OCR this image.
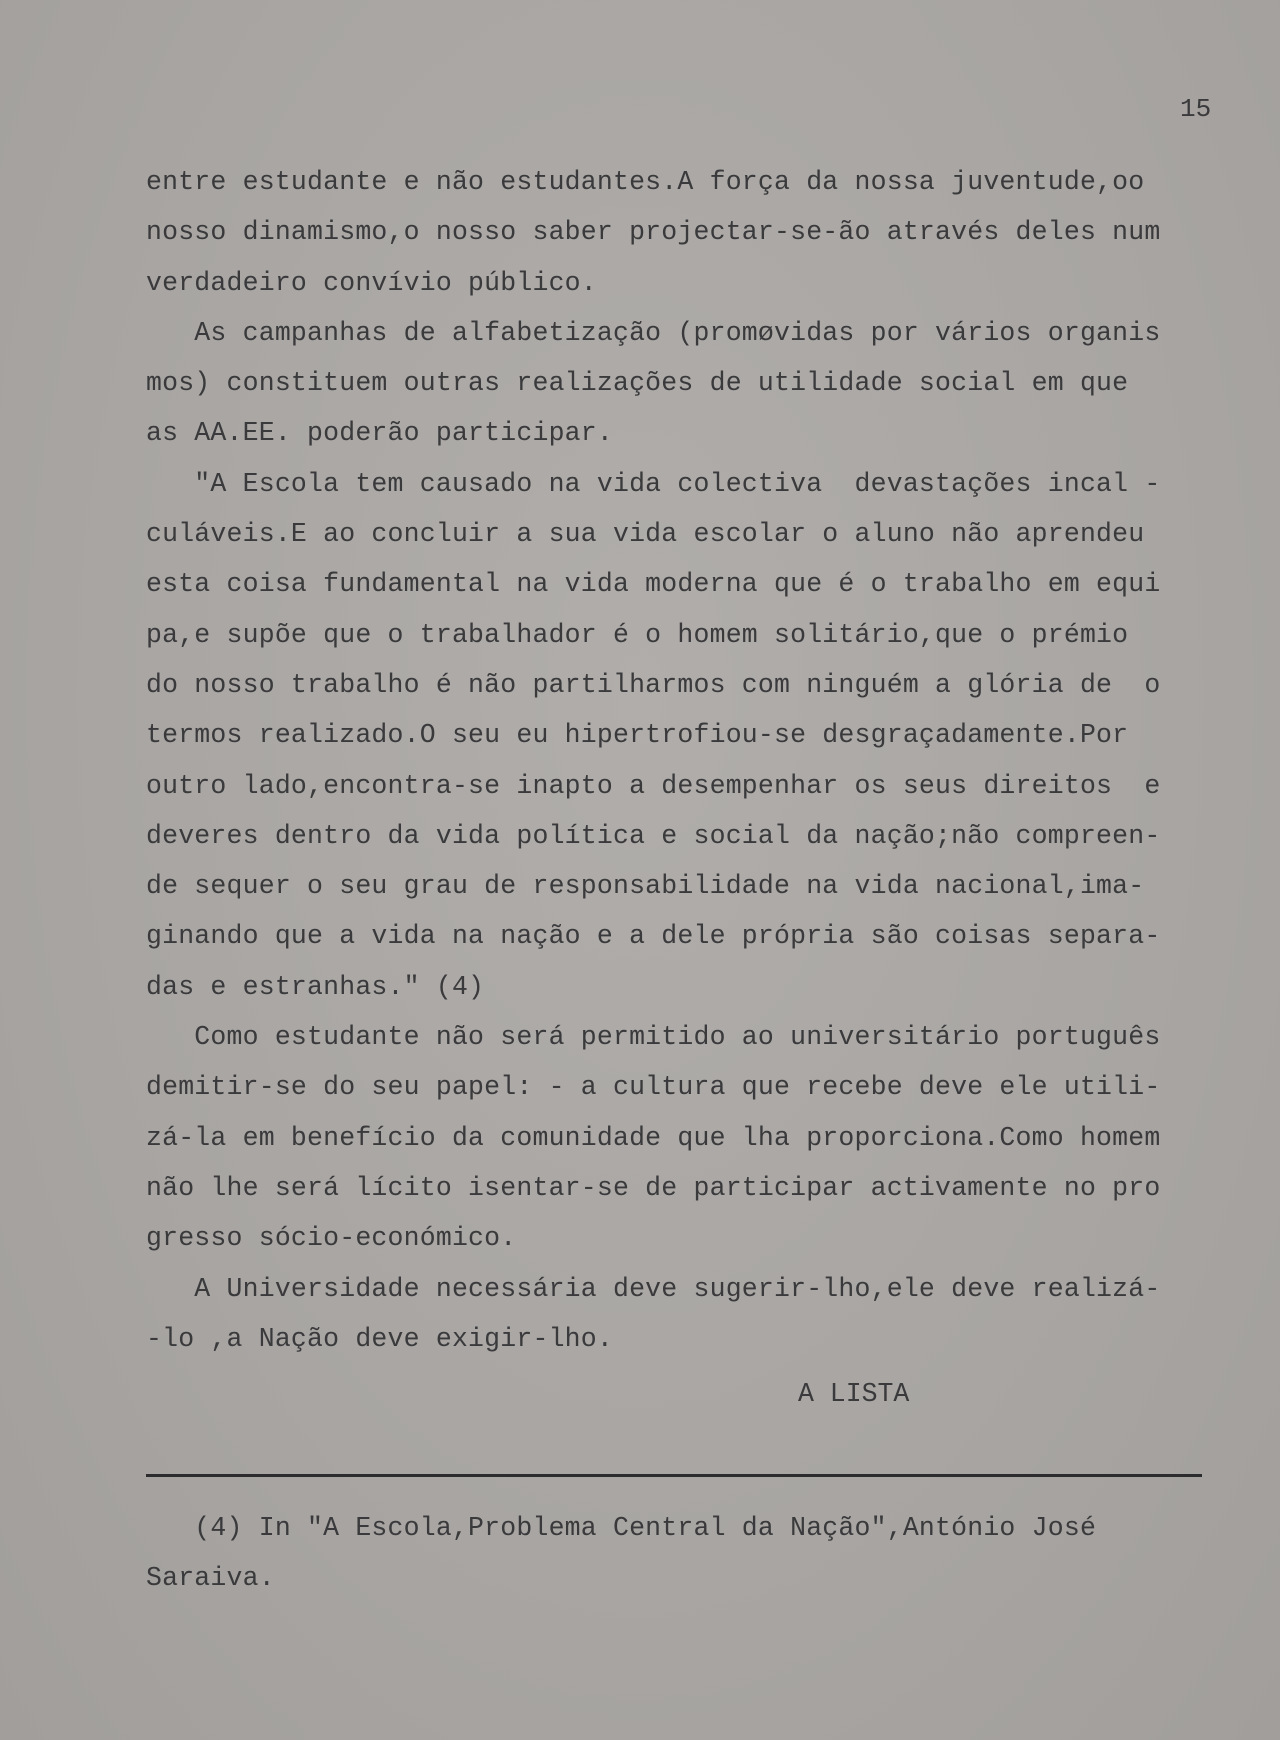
15
entre estudante e não estudantes.A força da nossa juventude,oo
nosso dinamismo,o nosso saber projectar-se-ão através deles num
verdadeiro convívio público.
As campanhas de alfabetização (promøvidas por vários organis
mos) constituem outras realizações de utilidade social em que
as AA.EE. poderão participar.
"A Escola tem causado na vida colectiva  devastações incal -
culáveis.E ao concluir a sua vida escolar o aluno não aprendeu
esta coisa fundamental na vida moderna que é o trabalho em equi
pa,e supõe que o trabalhador é o homem solitário,que o prémio
do nosso trabalho é não partilharmos com ninguém a glória de  o
termos realizado.O seu eu hipertrofiou-se desgraçadamente.Por
outro lado,encontra-se inapto a desempenhar os seus direitos  e
deveres dentro da vida política e social da nação;não compreen-
de sequer o seu grau de responsabilidade na vida nacional,ima-
ginando que a vida na nação e a dele própria são coisas separa-
das e estranhas." (4)
Como estudante não será permitido ao universitário português
demitir-se do seu papel: - a cultura que recebe deve ele utili-
zá-la em benefício da comunidade que lha proporciona.Como homem
não lhe será lícito isentar-se de participar activamente no pro
gresso sócio-económico.
A Universidade necessária deve sugerir-lho,ele deve realizá-
-lo ,a Nação deve exigir-lho.
A LISTA
(4) In "A Escola,Problema Central da Nação",António José
Saraiva.
